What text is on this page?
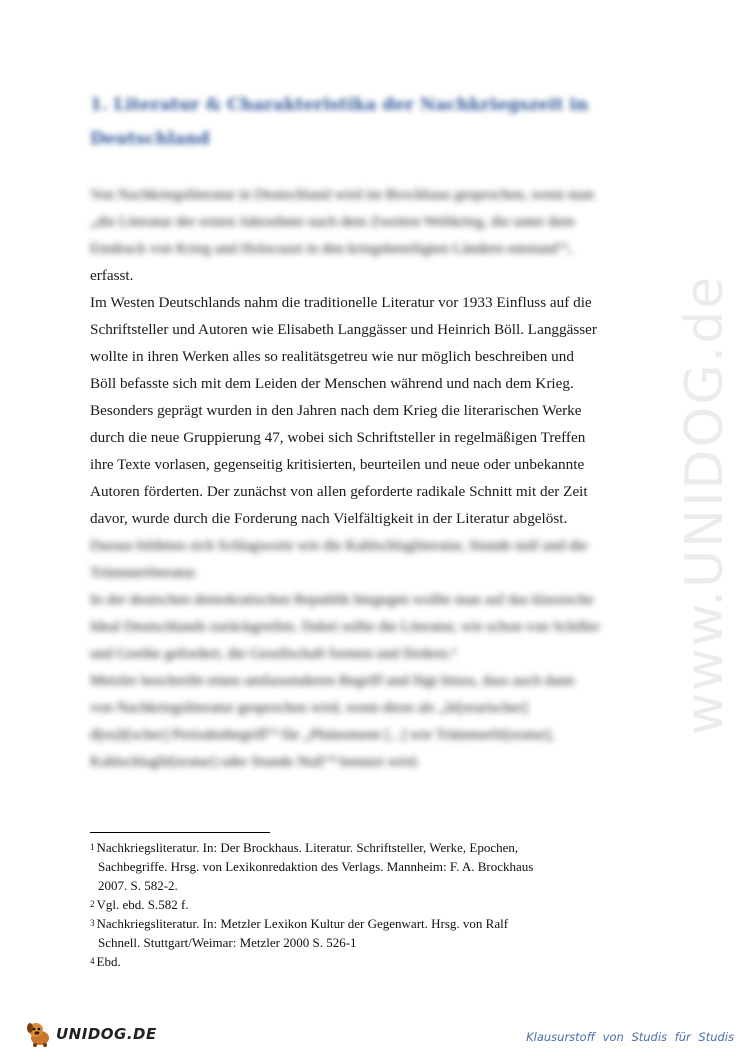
1. Literatur & Charakteristika der Nachkriegszeit in Deutschland

Von Nachkriegsliteratur in Deutschland wird im Brockhaus gesprochen, wenn man

„die Literatur der ersten Jahrzehnte nach dem Zweiten Weltkrieg, die unter dem

Eindruck von Krieg und Holocaust in den kriegsbeteiligten Ländern entstand"¹,

erfasst.

Im Westen Deutschlands nahm die traditionelle Literatur vor 1933 Einfluss auf die

Schriftsteller und Autoren wie Elisabeth Langgässer und Heinrich Böll. Langgässer

wollte in ihren Werken alles so realitätsgetreu wie nur möglich beschreiben und

Böll befasste sich mit dem Leiden der Menschen während und nach dem Krieg.

Besonders geprägt wurden in den Jahren nach dem Krieg die literarischen Werke

durch die neue Gruppierung 47, wobei sich Schriftsteller in regelmäßigen Treffen

ihre Texte vorlasen, gegenseitig kritisierten, beurteilen und neue oder unbekannte

Autoren förderten. Der zunächst von allen geforderte radikale Schnitt mit der Zeit

davor, wurde durch die Forderung nach Vielfältigkeit in der Literatur abgelöst.

Daraus bildeten sich Schlagworte wie die Kahlschlagliteratur, Stunde null und die

Trümmerliteratur.

In der deutschen demokratischen Republik hingegen wollte man auf das klassische

Ideal Deutschlands zurückgreifen. Dabei sollte die Literatur, wie schon von Schiller

und Goethe gefordert, die Gesellschaft formen und fördern.²

Metzler beschreibt einen umfassenderen Begriff und fügt hinzu, dass auch dann

von Nachkriegsliteratur gesprochen wird, wenn diese als „lit[erarischer]

d[eu]t[scher] Periodenbegriff"³ für „Phänomene [...] wie Trümmerlit[eratur],

Kahlschlaglit[eratur] oder Stunde Null"⁴ benutzt wird.

$^1$ Nachkriegsliteratur. In: Der Brockhaus. Literatur. Schriftsteller, Werke, Epochen,
Sachbegriffe. Hrsg. von Lexikonredaktion des Verlags. Mannheim: F. A. Brockhaus
2007. S. 582-2.

$^2$ Vgl. ebd. S.582 f.

$^3$ Nachkriegsliteratur. In: Metzler Lexikon Kultur der Gegenwart. Hrsg. von Ralf
Schnell. Stuttgart/Weimar: Metzler 2000 S. 526-1

$^4$ Ebd.

www.UNIDOG.de
UNIDOG.DE	Klausurstoff von Studis für Studis
